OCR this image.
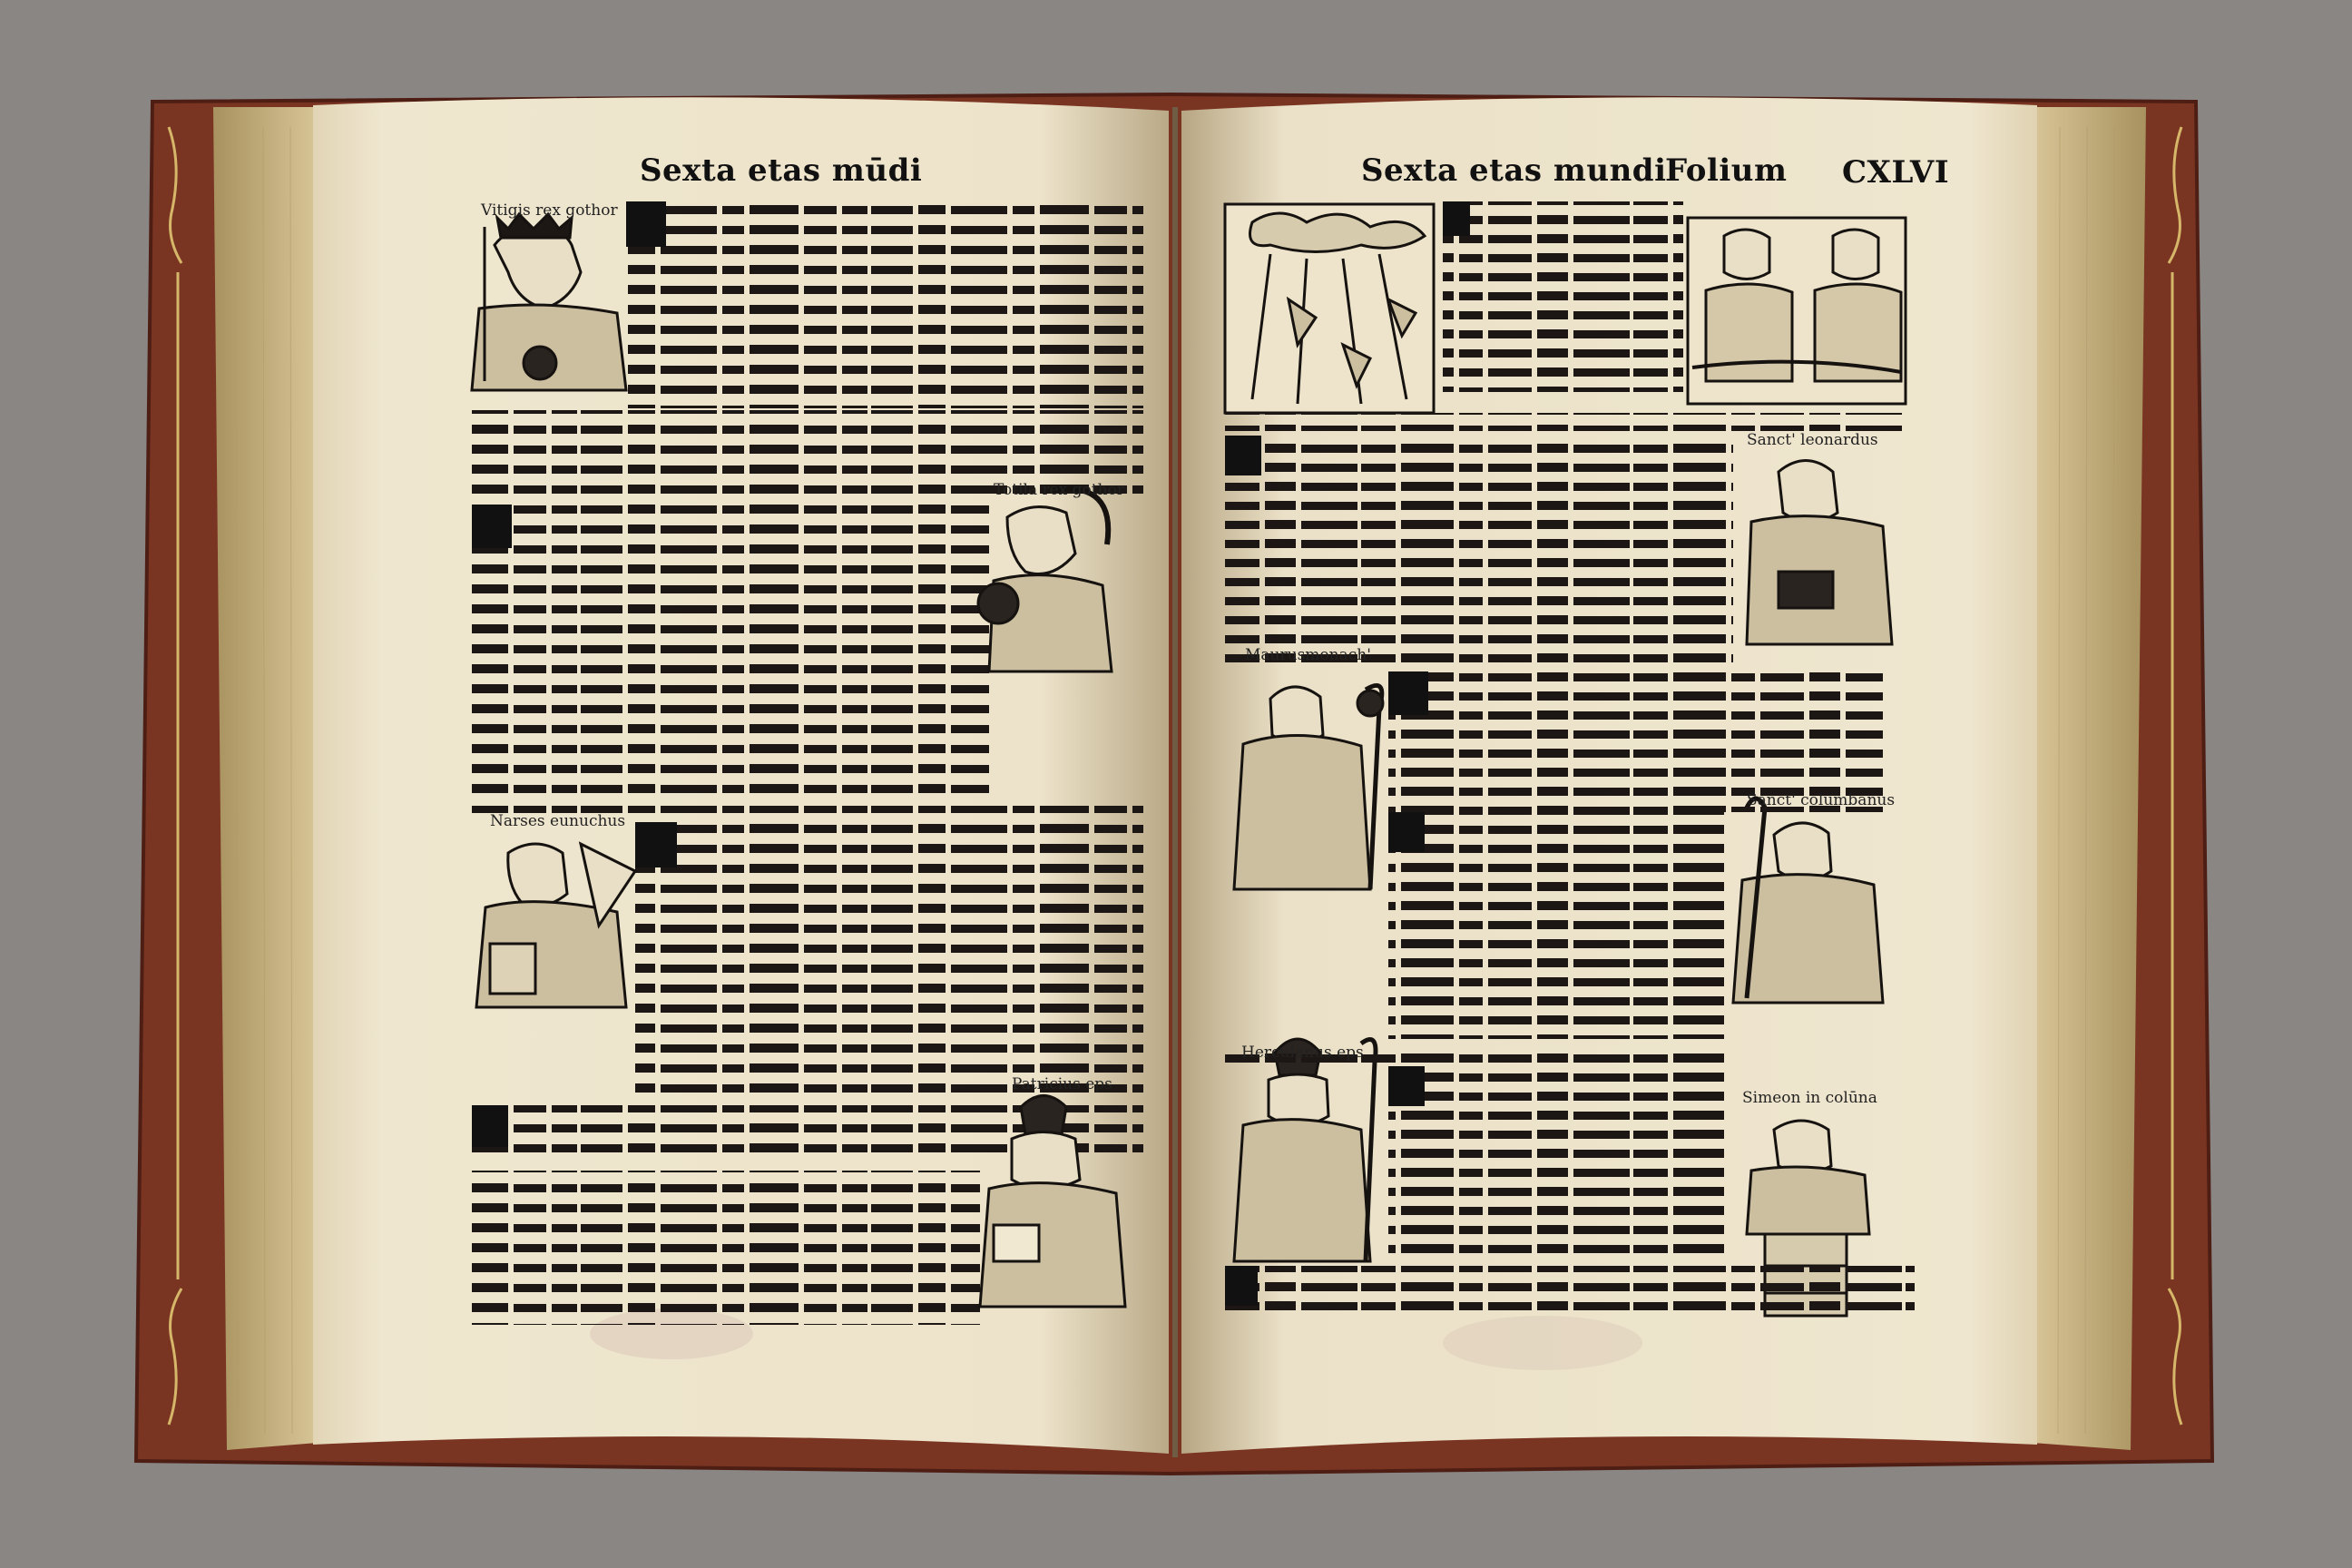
Sexta etas mūdi	Sexta etas mundi
Folium CXLVI
Vitigis rex gothor
Totila rex gothor
Narses eunuchus
Patricius eps
Sanct' leonardus
Maurusmonach'
Sanct' columbanus
Herculanus eps
Simeon in colūna
